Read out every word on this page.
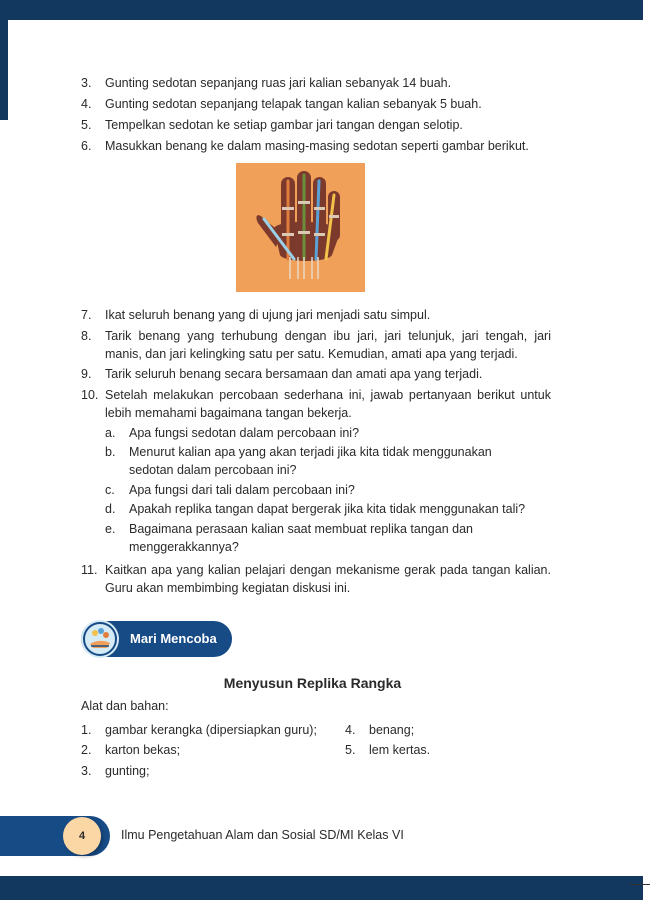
3.	Gunting sedotan sepanjang ruas jari kalian sebanyak 14 buah.
4.	Gunting sedotan sepanjang telapak tangan kalian sebanyak 5 buah.
5.	Tempelkan sedotan ke setiap gambar jari tangan dengan selotip.
6.	Masukkan benang ke dalam masing-masing sedotan seperti gambar berikut.
7.	Ikat seluruh benang yang di ujung jari menjadi satu simpul.
8.	Tarik benang yang terhubung dengan ibu jari, jari telunjuk, jari tengah, jari manis, dan jari kelingking satu per satu. Kemudian, amati apa yang terjadi.
9.	Tarik seluruh benang secara bersamaan dan amati apa yang terjadi.
10. Setelah melakukan percobaan sederhana ini, jawab pertanyaan berikut untuk lebih memahami bagaimana tangan bekerja.
a.	Apa fungsi sedotan dalam percobaan ini?
b.	Menurut kalian apa yang akan terjadi jika kita tidak menggunakan sedotan dalam percobaan ini?
c.	Apa fungsi dari tali dalam percobaan ini?
d.	Apakah replika tangan dapat bergerak jika kita tidak menggunakan tali?
e.	Bagaimana perasaan kalian saat membuat replika tangan dan menggerakkannya?
11. Kaitkan apa yang kalian pelajari dengan mekanisme gerak pada tangan kalian. Guru akan membimbing kegiatan diskusi ini.
Mari Mencoba
Menyusun Replika Rangka
Alat dan bahan:
1.	gambar kerangka (dipersiapkan guru);
2.	karton bekas;
3.	gunting;
4.	benang;
5.	lem kertas.
4	Ilmu Pengetahuan Alam dan Sosial SD/MI Kelas VI
